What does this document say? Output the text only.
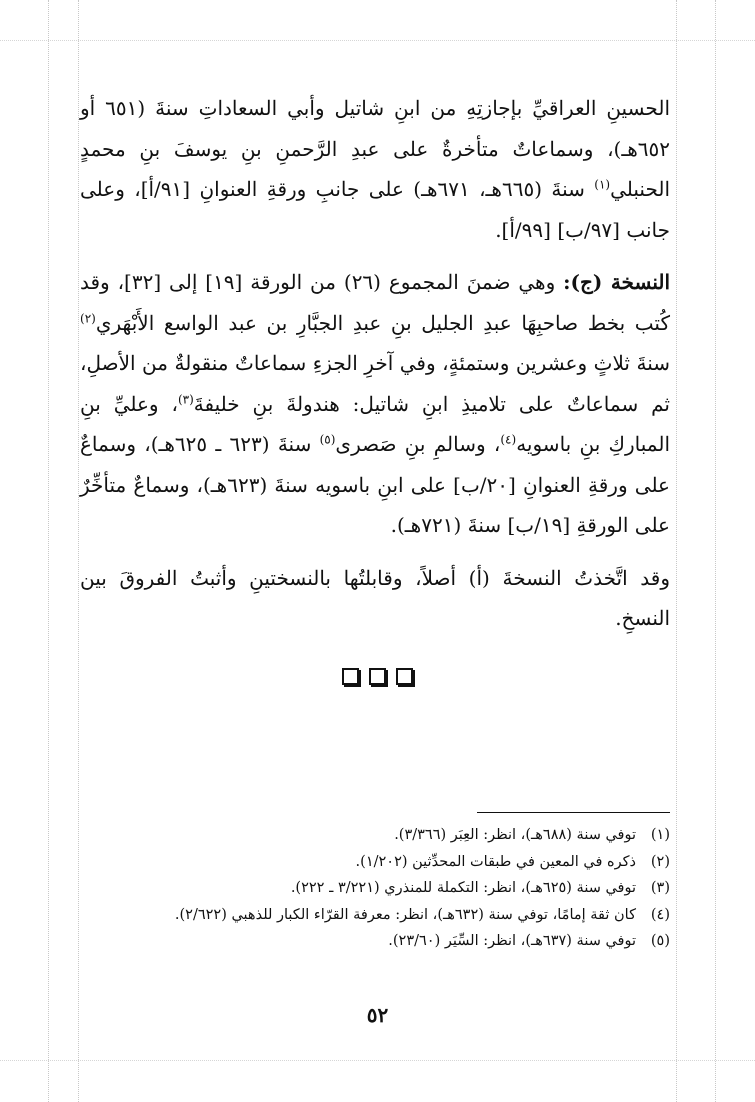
الحسينِ العراقيِّ بإجازتِهِ من ابنِ شاتيل وأبي السعاداتِ سنةَ (٦٥١ أو ٦٥٢هـ)، وسماعاتٌ متأخرةٌ على عبدِ الرَّحمنِ بنِ يوسفَ بنِ محمدٍ الحنبلي$^{(١)}$ سنةَ (٦٦٥هـ، ٦٧١هـ) على جانبِ ورقةِ العنوانِ [٩١/أ]، وعلى جانب [٩٧/ب] [٩٩/أ].

النسخة (ج): وهي ضمنَ المجموع (٢٦) من الورقة [١٩] إلى [٣٢]، وقد كُتب بخط صاحبِهَا عبدِ الجليل بنِ عبدِ الجبَّارِ بن عبد الواسع الأَبْهَري$^{(٢)}$ سنةَ ثلاثٍ وعشرين وستمئةٍ، وفي آخرِ الجزءِ سماعاتٌ منقولةٌ من الأصلِ، ثم سماعاتٌ على تلاميذِ ابنِ شاتيل: هندولةَ بنِ خليفةَ$^{(٣)}$، وعليِّ بنِ المباركِ بنِ باسويه$^{(٤)}$، وسالمِ بنِ صَصرى$^{(٥)}$ سنةَ (٦٢٣ ـ ٦٢٥هـ)، وسماعٌ على ورقةِ العنوانِ [٢٠/ب] على ابنِ باسويه سنةَ (٦٢٣هـ)، وسماعٌ متأخِّرٌ على الورقةِ [١٩/ب] سنةَ (٧٢١هـ).

وقد اتَّخذتُ النسخةَ (أ) أصلاً، وقابلتُها بالنسختينِ وأثبتُ الفروقَ بين النسخِ.

(١)توفي سنة (٦٨٨هـ)، انظر: العِبَر (٣/٣٦٦).
(٢)ذكره في المعين في طبقات المحدِّثين (١/٢٠٢).
(٣)توفي سنة (٦٢٥هـ)، انظر: التكملة للمنذري (٣/٢٢١ ـ ٢٢٢).
(٤)كان ثقة إمامًا، توفي سنة (٦٣٢هـ)، انظر: معرفة القرّاء الكبار للذهبي (٢/٦٢٢).
(٥)توفي سنة (٦٣٧هـ)، انظر: السِّيَر (٢٣/٦٠).
٥٢
